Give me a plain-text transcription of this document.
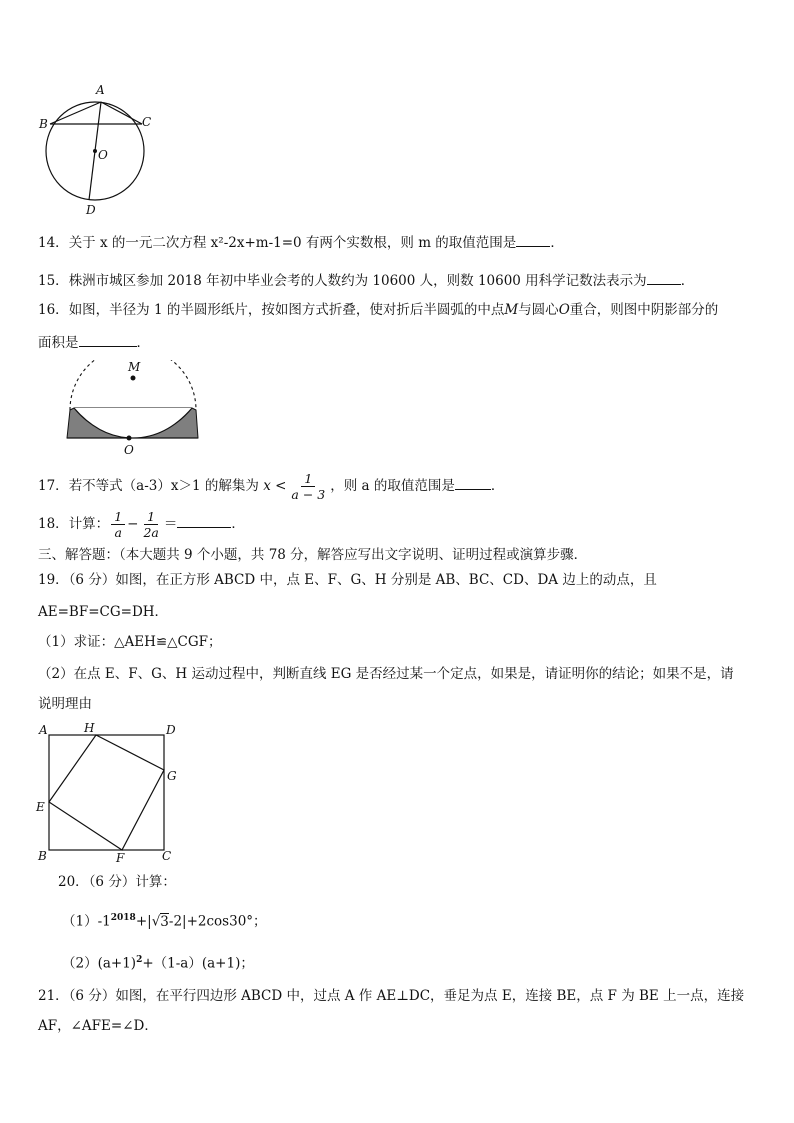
A
B	C
O
D
14．关于 x 的一元二次方程 x²-2x+m-1=0 有两个实数根，则 m 的取值范围是	．
15．株洲市城区参加 2018 年初中毕业会考的人数约为 10600 人，则数 10600 用科学记数法表示为	．
16．如图，半径为 1 的半圆形纸片，按如图方式折叠，使对折后半圆弧的中点M与圆心O重合，则图中阴影部分的
面积是	．
M
O
17．若不等式（a-3）x＞1 的解集为 $x < \frac{1}{a - 3}$ ，则 a 的取值范围是	．
18．计算： $\frac{1}{a} - \frac{1}{2a}$ ＝	．
三、解答题：（本大题共 9 个小题，共 78 分，解答应写出文字说明、证明过程或演算步骤．
19．（6 分）如图，在正方形 ABCD 中，点 E、F、G、H 分别是 AB、BC、CD、DA 边上的动点，且
AE=BF=CG=DH．
（1）求证：△AEH≌△CGF；
（2）在点 E、F、G、H 运动过程中，判断直线 EG 是否经过某一个定点，如果是，请证明你的结论；如果不是，请
说明理由
A	H	D
G
E
B	F	C
20．（6 分）计算：
$(1)-1^{2018}+|√3-2|+2\cos 30^\circ$；
$(2)(a+1)^2+(1-a)(a+1)$；
21．（6 分）如图，在平行四边形 ABCD 中，过点 A 作 AE⊥DC，垂足为点 E，连接 BE，点 F 为 BE 上一点，连接
AF，∠AFE=∠D．
